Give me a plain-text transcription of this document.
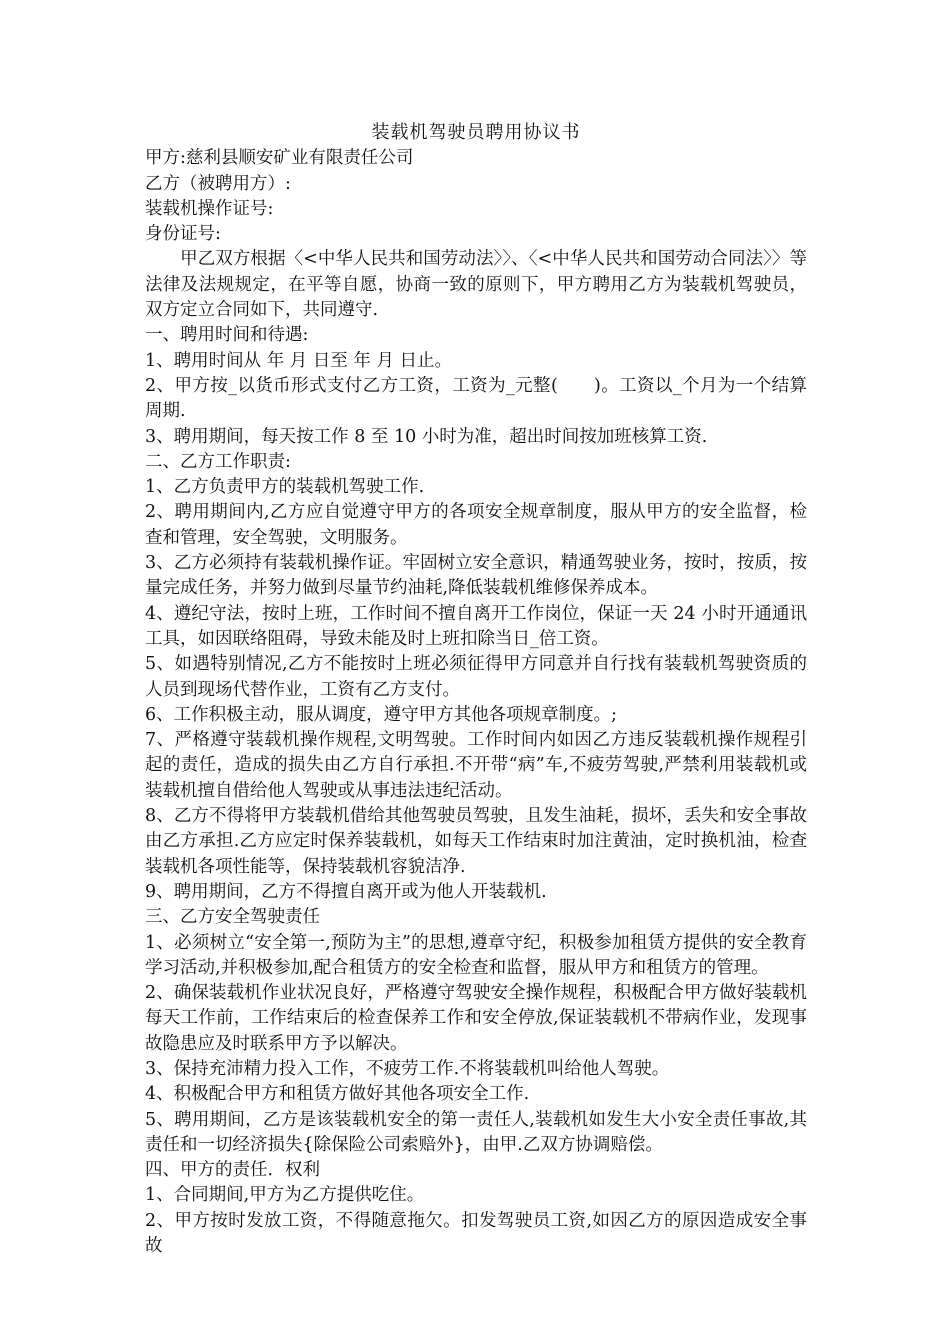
装载机驾驶员聘用协议书
甲方:慈利县顺安矿业有限责任公司
乙方（被聘用方）:
装载机操作证号:
身份证号:
　　甲乙双方根据〈<中华人民共和国劳动法〉〉、〈<中华人民共和国劳动合同法〉〉等法律及法规规定，在平等自愿，协商一致的原则下，甲方聘用乙方为装载机驾驶员，双方定立合同如下，共同遵守.
一、聘用时间和待遇:
1、聘用时间从 年 月 日至 年 月 日止。
2、甲方按_以货币形式支付乙方工资，工资为_元整(　　)。工资以_个月为一个结算周期.
3、聘用期间，每天按工作 8 至 10 小时为准，超出时间按加班核算工资.
二、乙方工作职责:
1、乙方负责甲方的装载机驾驶工作.
2、聘用期间内,乙方应自觉遵守甲方的各项安全规章制度，服从甲方的安全监督，检查和管理，安全驾驶，文明服务。
3、乙方必须持有装载机操作证。牢固树立安全意识，精通驾驶业务，按时，按质，按量完成任务，并努力做到尽量节约油耗,降低装载机维修保养成本。
4、遵纪守法，按时上班，工作时间不擅自离开工作岗位，保证一天 24 小时开通通讯工具，如因联络阻碍，导致未能及时上班扣除当日_倍工资。
5、如遇特别情况,乙方不能按时上班必须征得甲方同意并自行找有装载机驾驶资质的人员到现场代替作业，工资有乙方支付。
6、工作积极主动，服从调度，遵守甲方其他各项规章制度。;
7、严格遵守装载机操作规程,文明驾驶。工作时间内如因乙方违反装载机操作规程引起的责任，造成的损失由乙方自行承担.不开带“病”车,不疲劳驾驶,严禁利用装载机或装载机擅自借给他人驾驶或从事违法违纪活动。
8、乙方不得将甲方装载机借给其他驾驶员驾驶，且发生油耗，损坏，丢失和安全事故由乙方承担.乙方应定时保养装载机，如每天工作结束时加注黄油，定时换机油，检查装载机各项性能等，保持装载机容貌洁净.
9、聘用期间，乙方不得擅自离开或为他人开装载机.
三、乙方安全驾驶责任
1、必须树立“安全第一,预防为主”的思想,遵章守纪，积极参加租赁方提供的安全教育学习活动,并积极参加,配合租赁方的安全检查和监督，服从甲方和租赁方的管理。
2、确保装载机作业状况良好，严格遵守驾驶安全操作规程，积极配合甲方做好装载机每天工作前，工作结束后的检查保养工作和安全停放,保证装载机不带病作业，发现事故隐患应及时联系甲方予以解决。
3、保持充沛精力投入工作，不疲劳工作.不将装载机叫给他人驾驶。
4、积极配合甲方和租赁方做好其他各项安全工作.
5、聘用期间，乙方是该装载机安全的第一责任人,装载机如发生大小安全责任事故,其责任和一切经济损失{除保险公司索赔外}，由甲.乙双方协调赔偿。
四、甲方的责任．权利
1、合同期间,甲方为乙方提供吃住。
2、甲方按时发放工资，不得随意拖欠。扣发驾驶员工资,如因乙方的原因造成安全事故
